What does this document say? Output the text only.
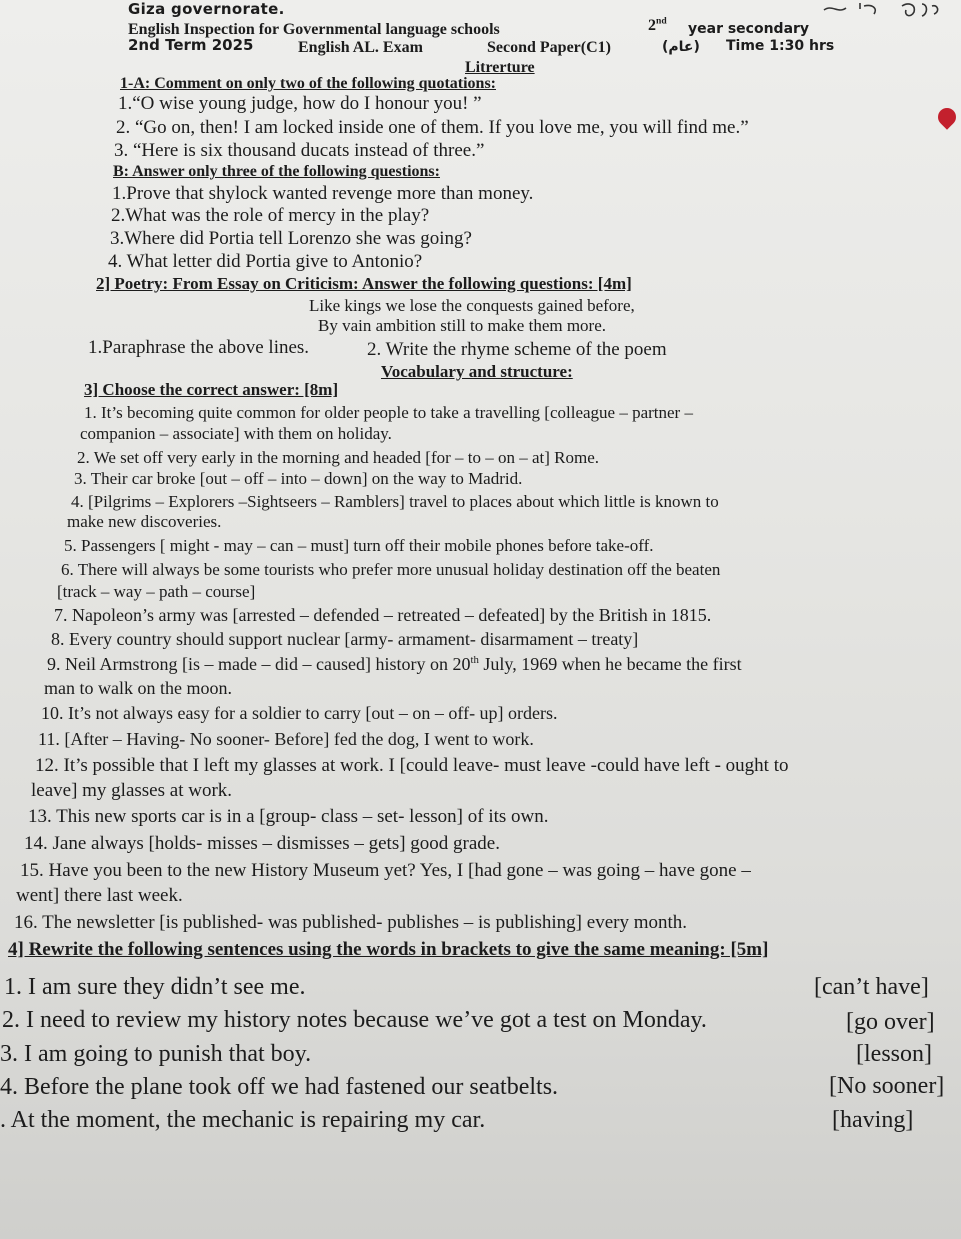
Giza governorate.
English Inspection for Governmental language schools	2nd year secondary
2nd Term 2025	English AL. Exam	Second Paper(C1)	(عام) Time 1:30 hrs
Litrerture
1-A: Comment on only two of the following quotations:
1.“O wise young judge, how do I honour you! ”
2. “Go on, then! I am locked inside one of them. If you love me, you will find me.”
3. “Here is six thousand ducats instead of three.”
B: Answer only three of the following questions:
1.Prove that shylock wanted revenge more than money.
2.What was the role of mercy in the play?
3.Where did Portia tell Lorenzo she was going?
4. What letter did Portia give to Antonio?
2] Poetry: From Essay on Criticism: Answer the following questions: [4m]
Like kings we lose the conquests gained before,
By vain ambition still to make them more.
1.Paraphrase the above lines.	2. Write the rhyme scheme of the poem
Vocabulary and structure:
3] Choose the correct answer: [8m]
1. It’s becoming quite common for older people to take a travelling [colleague – partner –
companion – associate] with them on holiday.
2. We set off very early in the morning and headed [for – to – on – at] Rome.
3. Their car broke [out – off – into – down] on the way to Madrid.
4. [Pilgrims – Explorers –Sightseers – Ramblers] travel to places about which little is known to
make new discoveries.
5. Passengers [ might - may – can – must] turn off their mobile phones before take-off.
6. There will always be some tourists who prefer more unusual holiday destination off the beaten
[track – way – path – course]
7. Napoleon’s army was [arrested – defended – retreated – defeated] by the British in 1815.
8. Every country should support nuclear [army- armament- disarmament – treaty]
9. Neil Armstrong [is – made – did – caused] history on 20th July, 1969 when he became the first
man to walk on the moon.
10. It’s not always easy for a soldier to carry [out – on – off- up] orders.
11. [After – Having- No sooner- Before] fed the dog, I went to work.
12. It’s possible that I left my glasses at work. I [could leave- must leave -could have left - ought to
leave] my glasses at work.
13. This new sports car is in a [group- class – set- lesson] of its own.
14. Jane always [holds- misses – dismisses – gets] good grade.
15. Have you been to the new History Museum yet? Yes, I [had gone – was going – have gone –
went] there last week.
16. The newsletter [is published- was published- publishes – is publishing] every month.
4] Rewrite the following sentences using the words in brackets to give the same meaning: [5m]
1. I am sure they didn’t see me.	[can’t have]
2. I need to review my history notes because we’ve got a test on Monday.	[go over]
3. I am going to punish that boy.	[lesson]
4. Before the plane took off we had fastened our seatbelts.	[No sooner]
. At the moment, the mechanic is repairing my car.	[having]
